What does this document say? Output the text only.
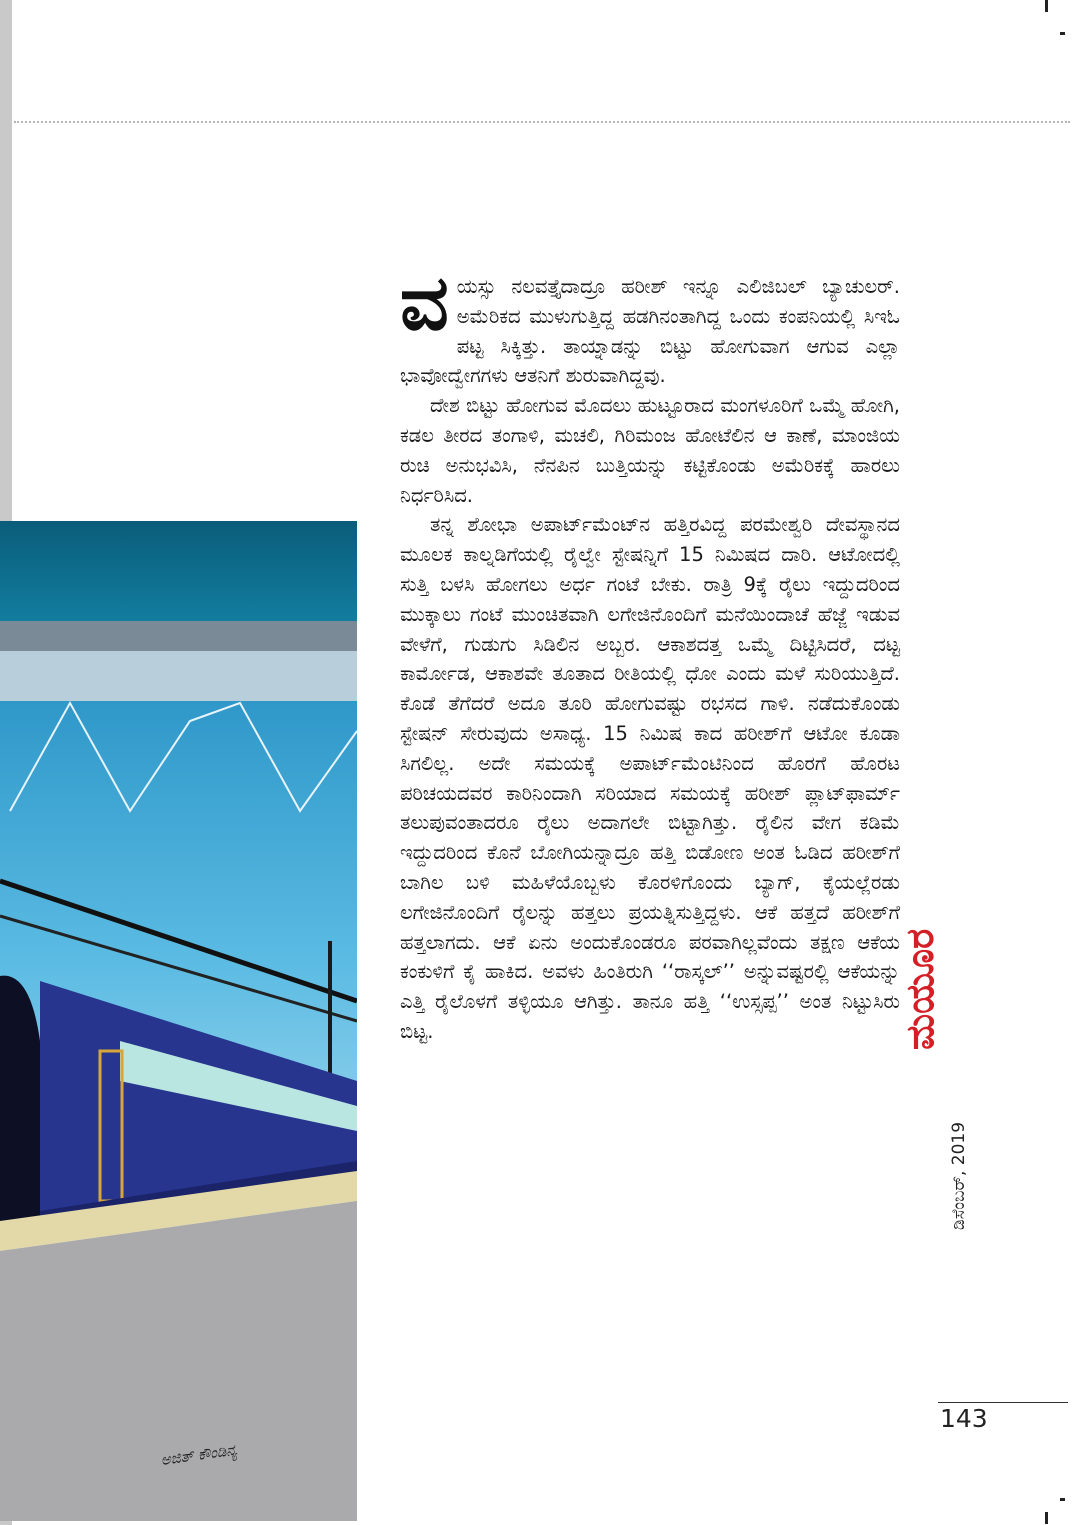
ಅಜಿತ್ ಕೌಂಡಿನ್ಯ

ವ ಯಸ್ಸು ನಲವತ್ತೈದಾದ್ರೂ ಹರೀಶ್ ಇನ್ನೂ ಎಲಿಜಿಬಲ್ ಬ್ಯಾಚುಲರ್. ಅಮೆರಿಕದ ಮುಳುಗುತ್ತಿದ್ದ ಹಡಗಿನಂತಾಗಿದ್ದ ಒಂದು ಕಂಪನಿಯಲ್ಲಿ ಸಿಇಓ ಪಟ್ಟ ಸಿಕ್ಕಿತ್ತು. ತಾಯ್ನಾಡನ್ನು ಬಿಟ್ಟು ಹೋಗುವಾಗ ಆಗುವ ಎಲ್ಲಾ ಭಾವೋದ್ವೇಗಗಳು ಆತನಿಗೆ ಶುರುವಾಗಿದ್ದವು.

ದೇಶ ಬಿಟ್ಟು ಹೋಗುವ ಮೊದಲು ಹುಟ್ಟೂರಾದ ಮಂಗಳೂರಿಗೆ ಒಮ್ಮೆ ಹೋಗಿ, ಕಡಲ ತೀರದ ತಂಗಾಳಿ, ಮಚಲಿ, ಗಿರಿಮಂಜ ಹೋಟೆಲಿನ ಆ ಕಾಣೆ, ಮಾಂಜಿಯ ರುಚಿ ಅನುಭವಿಸಿ, ನೆನಪಿನ ಬುತ್ತಿಯನ್ನು ಕಟ್ಟಿಕೊಂಡು ಅಮೆರಿಕಕ್ಕೆ ಹಾರಲು ನಿರ್ಧರಿಸಿದ.

ತನ್ನ ಶೋಭಾ ಅಪಾರ್ಟ್‌ಮೆಂಟ್‌ನ ಹತ್ತಿರವಿದ್ದ ಪರಮೇಶ್ವರಿ ದೇವಸ್ಥಾನದ ಮೂಲಕ ಕಾಲ್ನಡಿಗೆಯಲ್ಲಿ ರೈಲ್ವೇ ಸ್ಟೇಷನ್ನಿಗೆ 15 ನಿಮಿಷದ ದಾರಿ. ಆಟೋದಲ್ಲಿ ಸುತ್ತಿ ಬಳಸಿ ಹೋಗಲು ಅರ್ಧ ಗಂಟೆ ಬೇಕು. ರಾತ್ರಿ 9ಕ್ಕೆ ರೈಲು ಇದ್ದುದರಿಂದ ಮುಕ್ಕಾಲು ಗಂಟೆ ಮುಂಚಿತವಾಗಿ ಲಗೇಜಿನೊಂದಿಗೆ ಮನೆಯಿಂದಾಚೆ ಹೆಜ್ಜೆ ಇಡುವ ವೇಳೆಗೆ, ಗುಡುಗು ಸಿಡಿಲಿನ ಅಬ್ಬರ. ಆಕಾಶದತ್ತ ಒಮ್ಮೆ ದಿಟ್ಟಿಸಿದರೆ, ದಟ್ಟ ಕಾರ್ಮೋಡ, ಆಕಾಶವೇ ತೂತಾದ ರೀತಿಯಲ್ಲಿ ಧೋ ಎಂದು ಮಳೆ ಸುರಿಯುತ್ತಿದೆ. ಕೊಡೆ ತೆಗೆದರೆ ಅದೂ ತೂರಿ ಹೋಗುವಷ್ಟು ರಭಸದ ಗಾಳಿ. ನಡೆದುಕೊಂಡು ಸ್ಟೇಷನ್ ಸೇರುವುದು ಅಸಾಧ್ಯ. 15 ನಿಮಿಷ ಕಾದ ಹರೀಶ್‌ಗೆ ಆಟೋ ಕೂಡಾ ಸಿಗಲಿಲ್ಲ. ಅದೇ ಸಮಯಕ್ಕೆ ಅಪಾರ್ಟ್‌ಮೆಂಟಿನಿಂದ ಹೊರಗೆ ಹೊರಟ ಪರಿಚಯದವರ ಕಾರಿನಿಂದಾಗಿ ಸರಿಯಾದ ಸಮಯಕ್ಕೆ ಹರೀಶ್ ಪ್ಲಾಟ್‌ಫಾರ್ಮ್ ತಲುಪುವಂತಾದರೂ ರೈಲು ಅದಾಗಲೇ ಬಿಟ್ಟಾಗಿತ್ತು. ರೈಲಿನ ವೇಗ ಕಡಿಮೆ ಇದ್ದುದರಿಂದ ಕೊನೆ ಬೋಗಿಯನ್ನಾದ್ರೂ ಹತ್ತಿ ಬಿಡೋಣ ಅಂತ ಓಡಿದ ಹರೀಶ್‌ಗೆ ಬಾಗಿಲ ಬಳಿ ಮಹಿಳೆಯೊಬ್ಬಳು ಕೊರಳಿಗೊಂದು ಬ್ಯಾಗ್, ಕೈಯಲ್ಲೆರಡು ಲಗೇಜಿನೊಂದಿಗೆ ರೈಲನ್ನು ಹತ್ತಲು ಪ್ರಯತ್ನಿಸುತ್ತಿದ್ದಳು. ಆಕೆ ಹತ್ತದೆ ಹರೀಶ್‌ಗೆ ಹತ್ತಲಾಗದು. ಆಕೆ ಏನು ಅಂದುಕೊಂಡರೂ ಪರವಾಗಿಲ್ಲವೆಂದು ತಕ್ಷಣ ಆಕೆಯ ಕಂಕುಳಿಗೆ ಕೈ ಹಾಕಿದ. ಅವಳು ಹಿಂತಿರುಗಿ ‘‘ರಾಸ್ಕಲ್’’ ಅನ್ನುವಷ್ಟರಲ್ಲಿ ಆಕೆಯನ್ನು ಎತ್ತಿ ರೈಲೊಳಗೆ ತಳ್ಳಿಯೂ ಆಗಿತ್ತು. ತಾನೂ ಹತ್ತಿ ‘‘ಉಸ್ಸಪ್ಪ’’ ಅಂತ ನಿಟ್ಟುಸಿರು ಬಿಟ್ಟ.	ಮಯೂರ
ಡಿಸೆಂಬರ್, 2019
143
